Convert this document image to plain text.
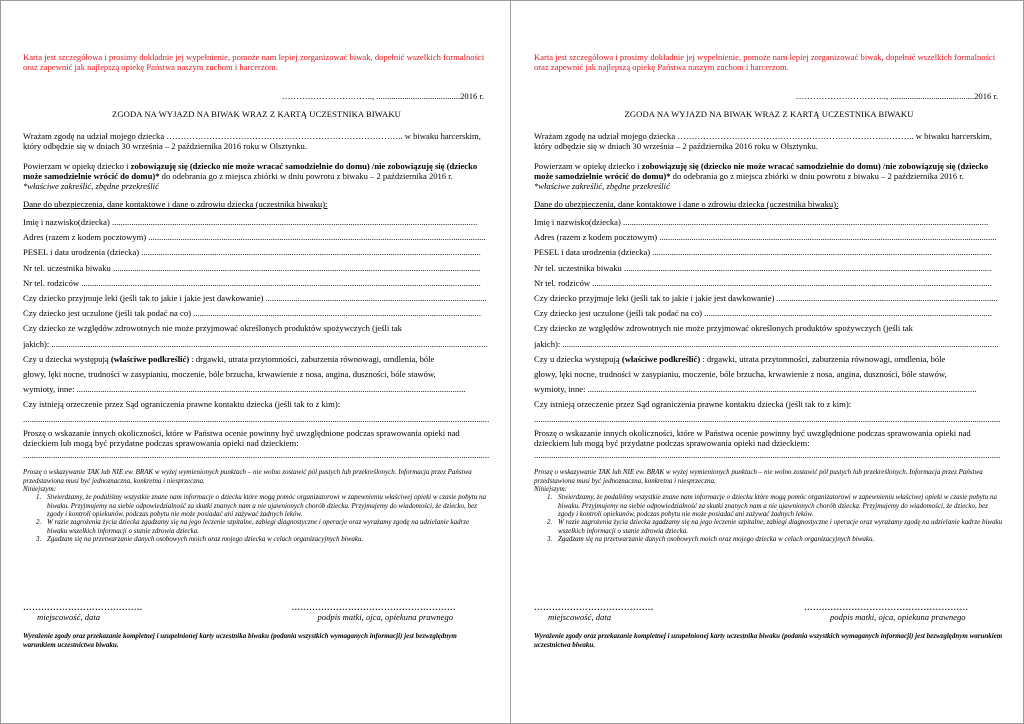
Karta jest szczegółowa i prosimy dokładnie jej wypełnienie, pomoże nam lepiej zorganizować biwak, dopełnić wszelkich formalności oraz zapewnić jak najlepszą opiekę Państwa naszym zuchom i harcerzom.
………………………….., .......................................2016 r.
ZGODA NA WYJAZD NA BIWAK WRAZ Z KARTĄ UCZESTNIKA BIWAKU
Wrażam zgodę na udział mojego dziecka ……………………………………………………………………….. w biwaku harcerskim, który odbędzie się w dniach 30 września – 2 października 2016 roku w Olsztynku.
Powierzam w opiekę dziecko i zobowiązuję się (dziecko nie może wracać samodzielnie do domu) /nie zobowiązuję się (dziecko może samodzielnie wrócić do domu)* do odebrania go z miejsca zbiórki w dniu powrotu z biwaku – 2 października 2016 r.
*właściwe zakreślić, zbędne przekreślić
Dane do ubezpieczenia, dane kontaktowe i dane o zdrowiu dziecka (uczestnika biwaku):
Imię i nazwisko(dziecka) ..........................................................................................................................................................................
Adres (razem z kodem pocztowym) .............................................................................................................................................................
PESEL i data urodzenia (dziecka) ..............................................................................................................................................................
Nr tel. uczestnika biwaku ...........................................................................................................................................................................
Nr tel. rodziców ..........................................................................................................................................................................................
Czy dziecko przyjmuje leki (jeśli tak to jakie i jakie jest dawkowanie) .......................................................................................................
Czy dziecko jest uczulone (jeśli tak podać na co) ......................................................................................................................................
Czy dziecko ze względów zdrowotnych nie może przyjmować określonych produktów spożywczych (jeśli tak
jakich): ...........................................................................................................................................................................................................
Czy u dziecka występują (właściwe podkreślić) : drgawki, utrata przytomności, zaburzenia równowagi, omdlenia, bóle
głowy, lęki nocne, trudności w zasypianiu, moczenie, bóle brzucha, krwawienie z nosa, angina, duszności, bóle stawów,
wymioty, inne: .....................................................................................................................................................................................
Czy istnieją orzeczenie przez Sąd ograniczenia prawne kontaktu dziecka (jeśli tak to z kim):
.........................................................................................................................................................................................................................
Proszę o wskazanie innych okoliczności, które w Państwa ocenie powinny być uwzględnione podczas sprawowania opieki nad dzieckiem lub mogą być przydatne podczas sprawowania opieki nad dzieckiem:
.........................................................................................................................................................................................................................
Proszę o wskazywanie TAK lub NIE ew. BRAK w wyżej wymienionych punktach – nie wolno zostawić pól pustych lub przekreślonych. Informacja przez Państwa przedstawiona musi być jednoznaczna, konkretna i niesprzeczna.
Niniejszym:
1. Stwierdzamy, że podaliśmy wszystkie znane nam informacje o dziecku które mogą pomóc organizatorowi w zapewnieniu właściwej opieki w czasie pobytu na biwaku. Przyjmujemy na siebie odpowiedzialność za skutki znanych nam a nie ujawnionych chorób dziecka. Przyjmujemy do wiadomości, że dziecko, bez zgody i kontroli opiekunów, podczas pobytu nie może posiadać ani zażywać żadnych leków.
2. W razie zagrożenia życia dziecka zgadzamy się na jego leczenie szpitalne, zabiegi diagnostyczne i operacje oraz wyrażamy zgodę na udzielanie kadrze biwaku wszelkich informacji o stanie zdrowia dziecka.
3. Zgadzam się na przetwarzanie danych osobowych moich oraz mojego dziecka w celach organizacyjnych biwaku.
………………………………….
miejscowość, data
…….…………………………………………
podpis matki, ojca, opiekuna prawnego
Wyrażenie zgody oraz przekazanie kompletnej i uzupełnionej karty uczestnika biwaku (podania wszystkich wymaganych informacji) jest bezwzględnym warunkiem uczestnictwa biwaku.
Karta jest szczegółowa i prosimy dokładnie jej wypełnienie, pomoże nam lepiej zorganizować biwak, dopełnić wszelkich formalności oraz zapewnić jak najlepszą opiekę Państwa naszym zuchom i harcerzom.
………………………….., .......................................2016 r.
ZGODA NA WYJAZD NA BIWAK WRAZ Z KARTĄ UCZESTNIKA BIWAKU
Wrażam zgodę na udział mojego dziecka ……………………………………………………………………….. w biwaku harcerskim, który odbędzie się w dniach 30 września – 2 października 2016 roku w Olsztynku.
Powierzam w opiekę dziecko i zobowiązuję się (dziecko nie może wracać samodzielnie do domu) /nie zobowiązuję się (dziecko może samodzielnie wrócić do domu)* do odebrania go z miejsca zbiórki w dniu powrotu z biwaku – 2 października 2016 r.
*właściwe zakreślić, zbędne przekreślić
Dane do ubezpieczenia, dane kontaktowe i dane o zdrowiu dziecka (uczestnika biwaku):
Imię i nazwisko(dziecka) ..........................................................................................................................................................................
Adres (razem z kodem pocztowym) .............................................................................................................................................................
PESEL i data urodzenia (dziecka) ..............................................................................................................................................................
Nr tel. uczestnika biwaku ...........................................................................................................................................................................
Nr tel. rodziców ..........................................................................................................................................................................................
Czy dziecko przyjmuje leki (jeśli tak to jakie i jakie jest dawkowanie) .......................................................................................................
Czy dziecko jest uczulone (jeśli tak podać na co) ......................................................................................................................................
Czy dziecko ze względów zdrowotnych nie może przyjmować określonych produktów spożywczych (jeśli tak
jakich): ...........................................................................................................................................................................................................
Czy u dziecka występują (właściwe podkreślić) : drgawki, utrata przytomności, zaburzenia równowagi, omdlenia, bóle
głowy, lęki nocne, trudności w zasypianiu, moczenie, bóle brzucha, krwawienie z nosa, angina, duszności, bóle stawów,
wymioty, inne: .....................................................................................................................................................................................
Czy istnieją orzeczenie przez Sąd ograniczenia prawne kontaktu dziecka (jeśli tak to z kim):
.........................................................................................................................................................................................................................
Proszę o wskazanie innych okoliczności, które w Państwa ocenie powinny być uwzględnione podczas sprawowania opieki nad dzieckiem lub mogą być przydatne podczas sprawowania opieki nad dzieckiem:
.........................................................................................................................................................................................................................
Proszę o wskazywanie TAK lub NIE ew. BRAK w wyżej wymienionych punktach – nie wolno zostawić pól pustych lub przekreślonych. Informacja przez Państwa przedstawiona musi być jednoznaczna, konkretna i niesprzeczna.
Niniejszym:
1. Stwierdzamy, że podaliśmy wszystkie znane nam informacje o dziecku które mogą pomóc organizatorowi w zapewnieniu właściwej opieki w czasie pobytu na biwaku. Przyjmujemy na siebie odpowiedzialność za skutki znanych nam a nie ujawnionych chorób dziecka. Przyjmujemy do wiadomości, że dziecko, bez zgody i kontroli opiekunów, podczas pobytu nie może posiadać ani zażywać żadnych leków.
2. W razie zagrożenia życia dziecka zgadzamy się na jego leczenie szpitalne, zabiegi diagnostyczne i operacje oraz wyrażamy zgodę na udzielanie kadrze biwaku wszelkich informacji o stanie zdrowia dziecka.
3. Zgadzam się na przetwarzanie danych osobowych moich oraz mojego dziecka w celach organizacyjnych biwaku.
………………………………….
miejscowość, data
…….…………………………………………
podpis matki, ojca, opiekuna prawnego
Wyrażenie zgody oraz przekazanie kompletnej i uzupełnionej karty uczestnika biwaku (podania wszystkich wymaganych informacji) jest bezwzględnym warunkiem uczestnictwa biwaku.
